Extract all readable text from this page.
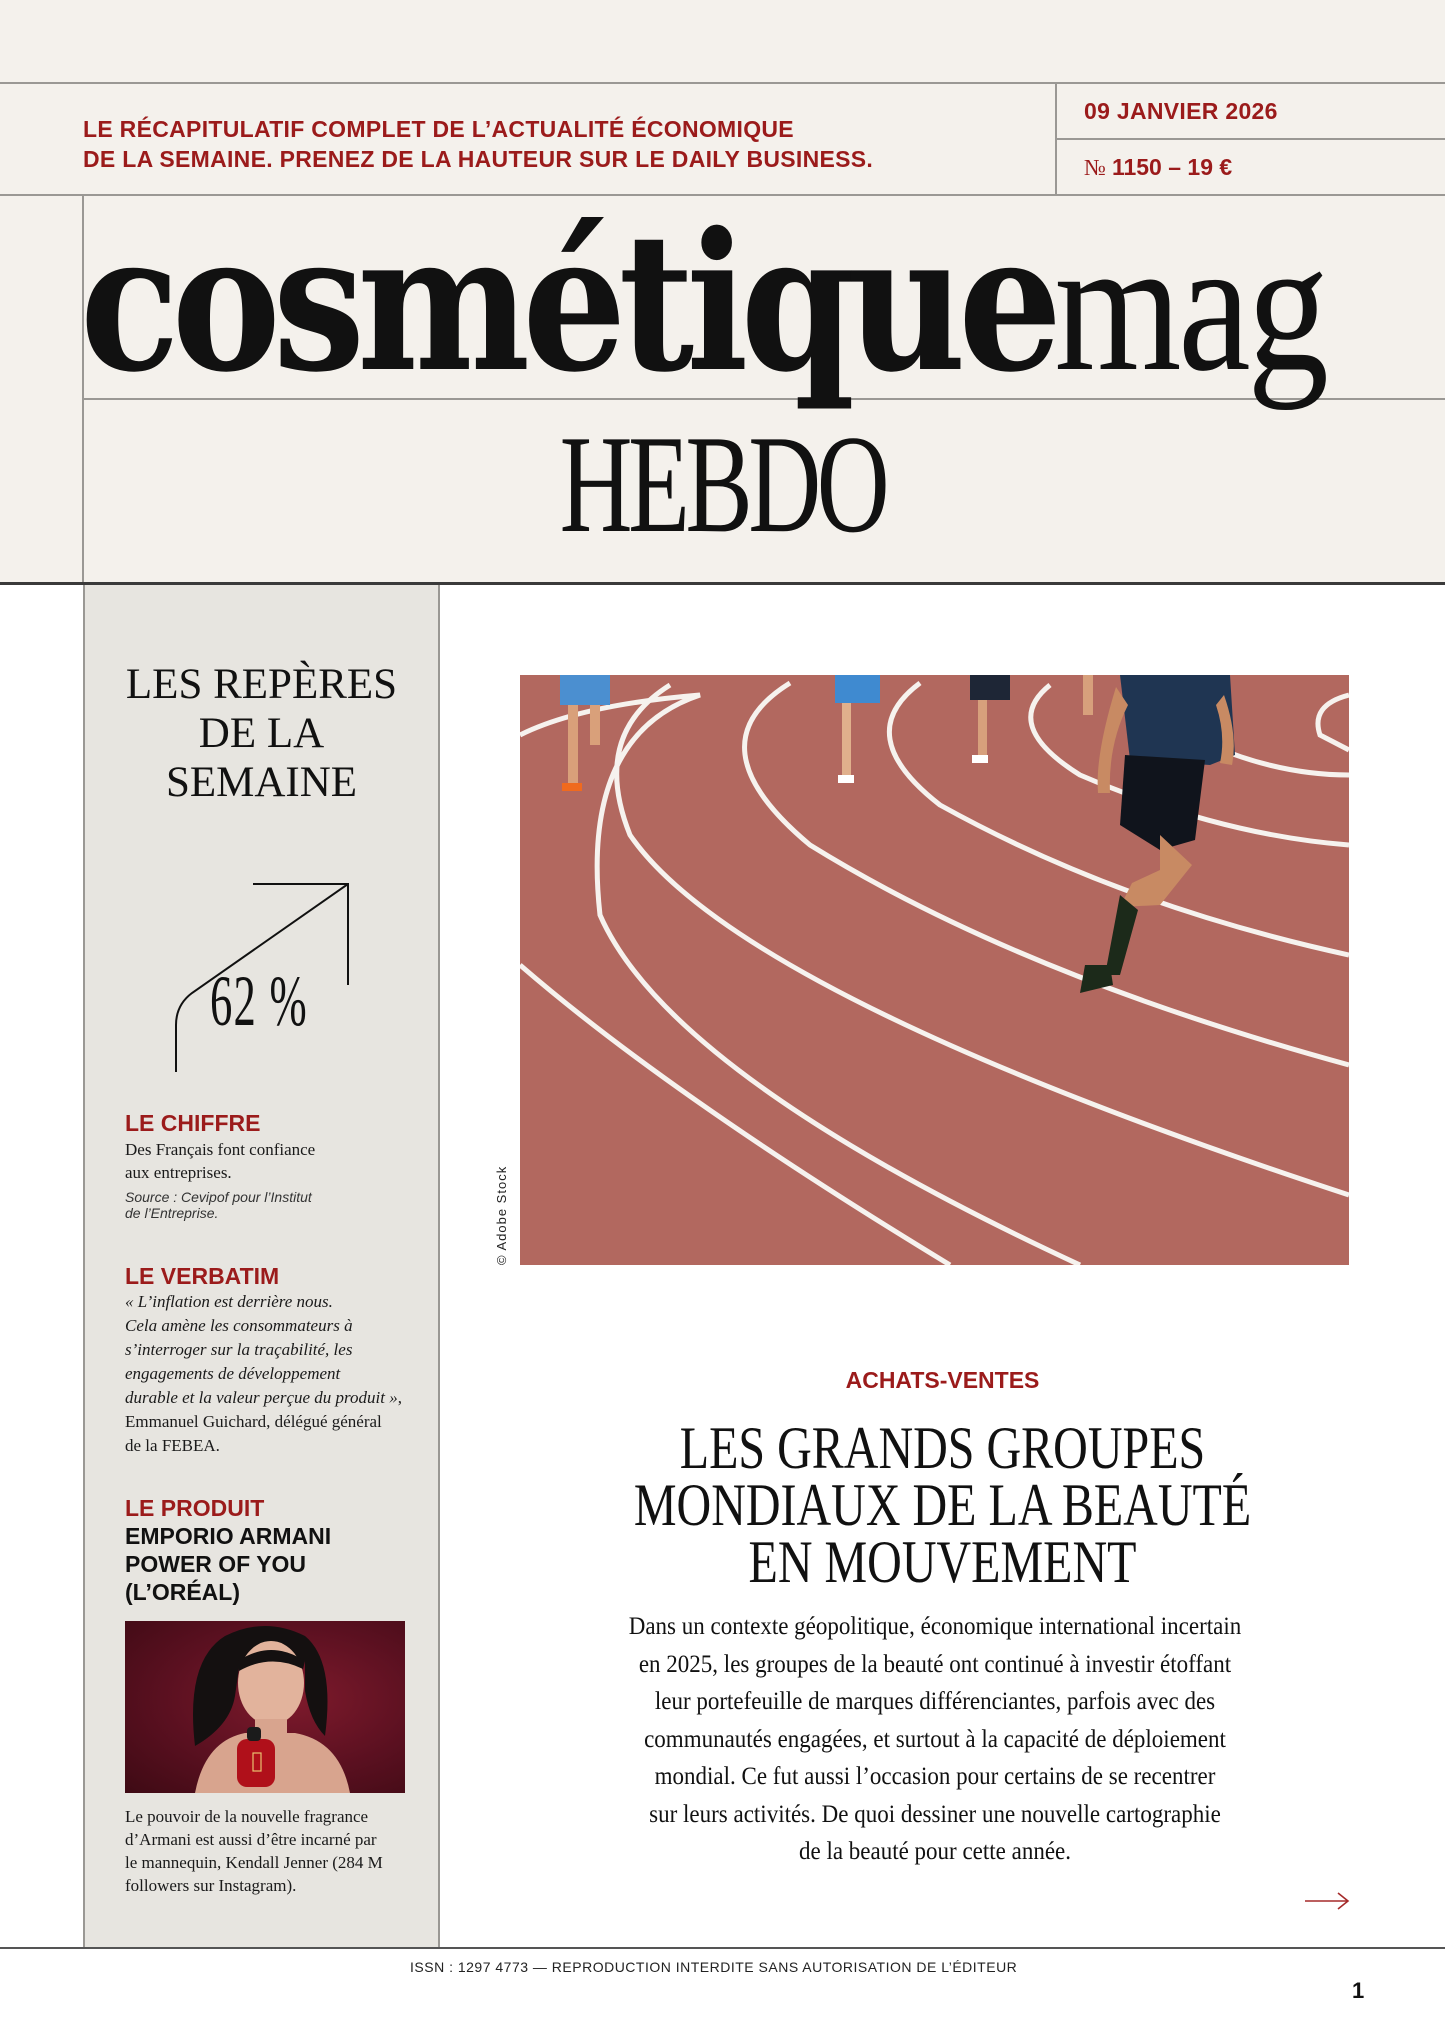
LE RÉCAPITULATIF COMPLET DE L’ACTUALITÉ ÉCONOMIQUE
DE LA SEMAINE. PRENEZ DE LA HAUTEUR SUR LE DAILY BUSINESS.
09 JANVIER 2026
№ 1150 – 19 €
cosmétiquemag
HEBDO
LES REPÈRES
DE LA
SEMAINE
62 %
LE CHIFFRE
Des Français font confiance
aux entreprises.
Source : Cevipof pour l’Institut
de l’Entreprise.
LE VERBATIM
« L’inflation est derrière nous.
Cela amène les consommateurs à
s’interroger sur la traçabilité, les
engagements de développement
durable et la valeur perçue du produit »,
Emmanuel Guichard, délégué général
de la FEBEA.
LE PRODUIT
EMPORIO ARMANI
POWER OF YOU
(L’ORÉAL)
Le pouvoir de la nouvelle fragrance
d’Armani est aussi d’être incarné par
le mannequin, Kendall Jenner (284 M
followers sur Instagram).
© Adobe Stock
ACHATS-VENTES
LES GRANDS GROUPES
MONDIAUX DE LA BEAUTÉ
EN MOUVEMENT
Dans un contexte géopolitique, économique international incertain
en 2025, les groupes de la beauté ont continué à investir étoffant
leur portefeuille de marques différenciantes, parfois avec des
communautés engagées, et surtout à la capacité de déploiement
mondial. Ce fut aussi l’occasion pour certains de se recentrer
sur leurs activités. De quoi dessiner une nouvelle cartographie
de la beauté pour cette année.
ISSN : 1297 4773 — REPRODUCTION INTERDITE SANS AUTORISATION DE L’ÉDITEUR
1
